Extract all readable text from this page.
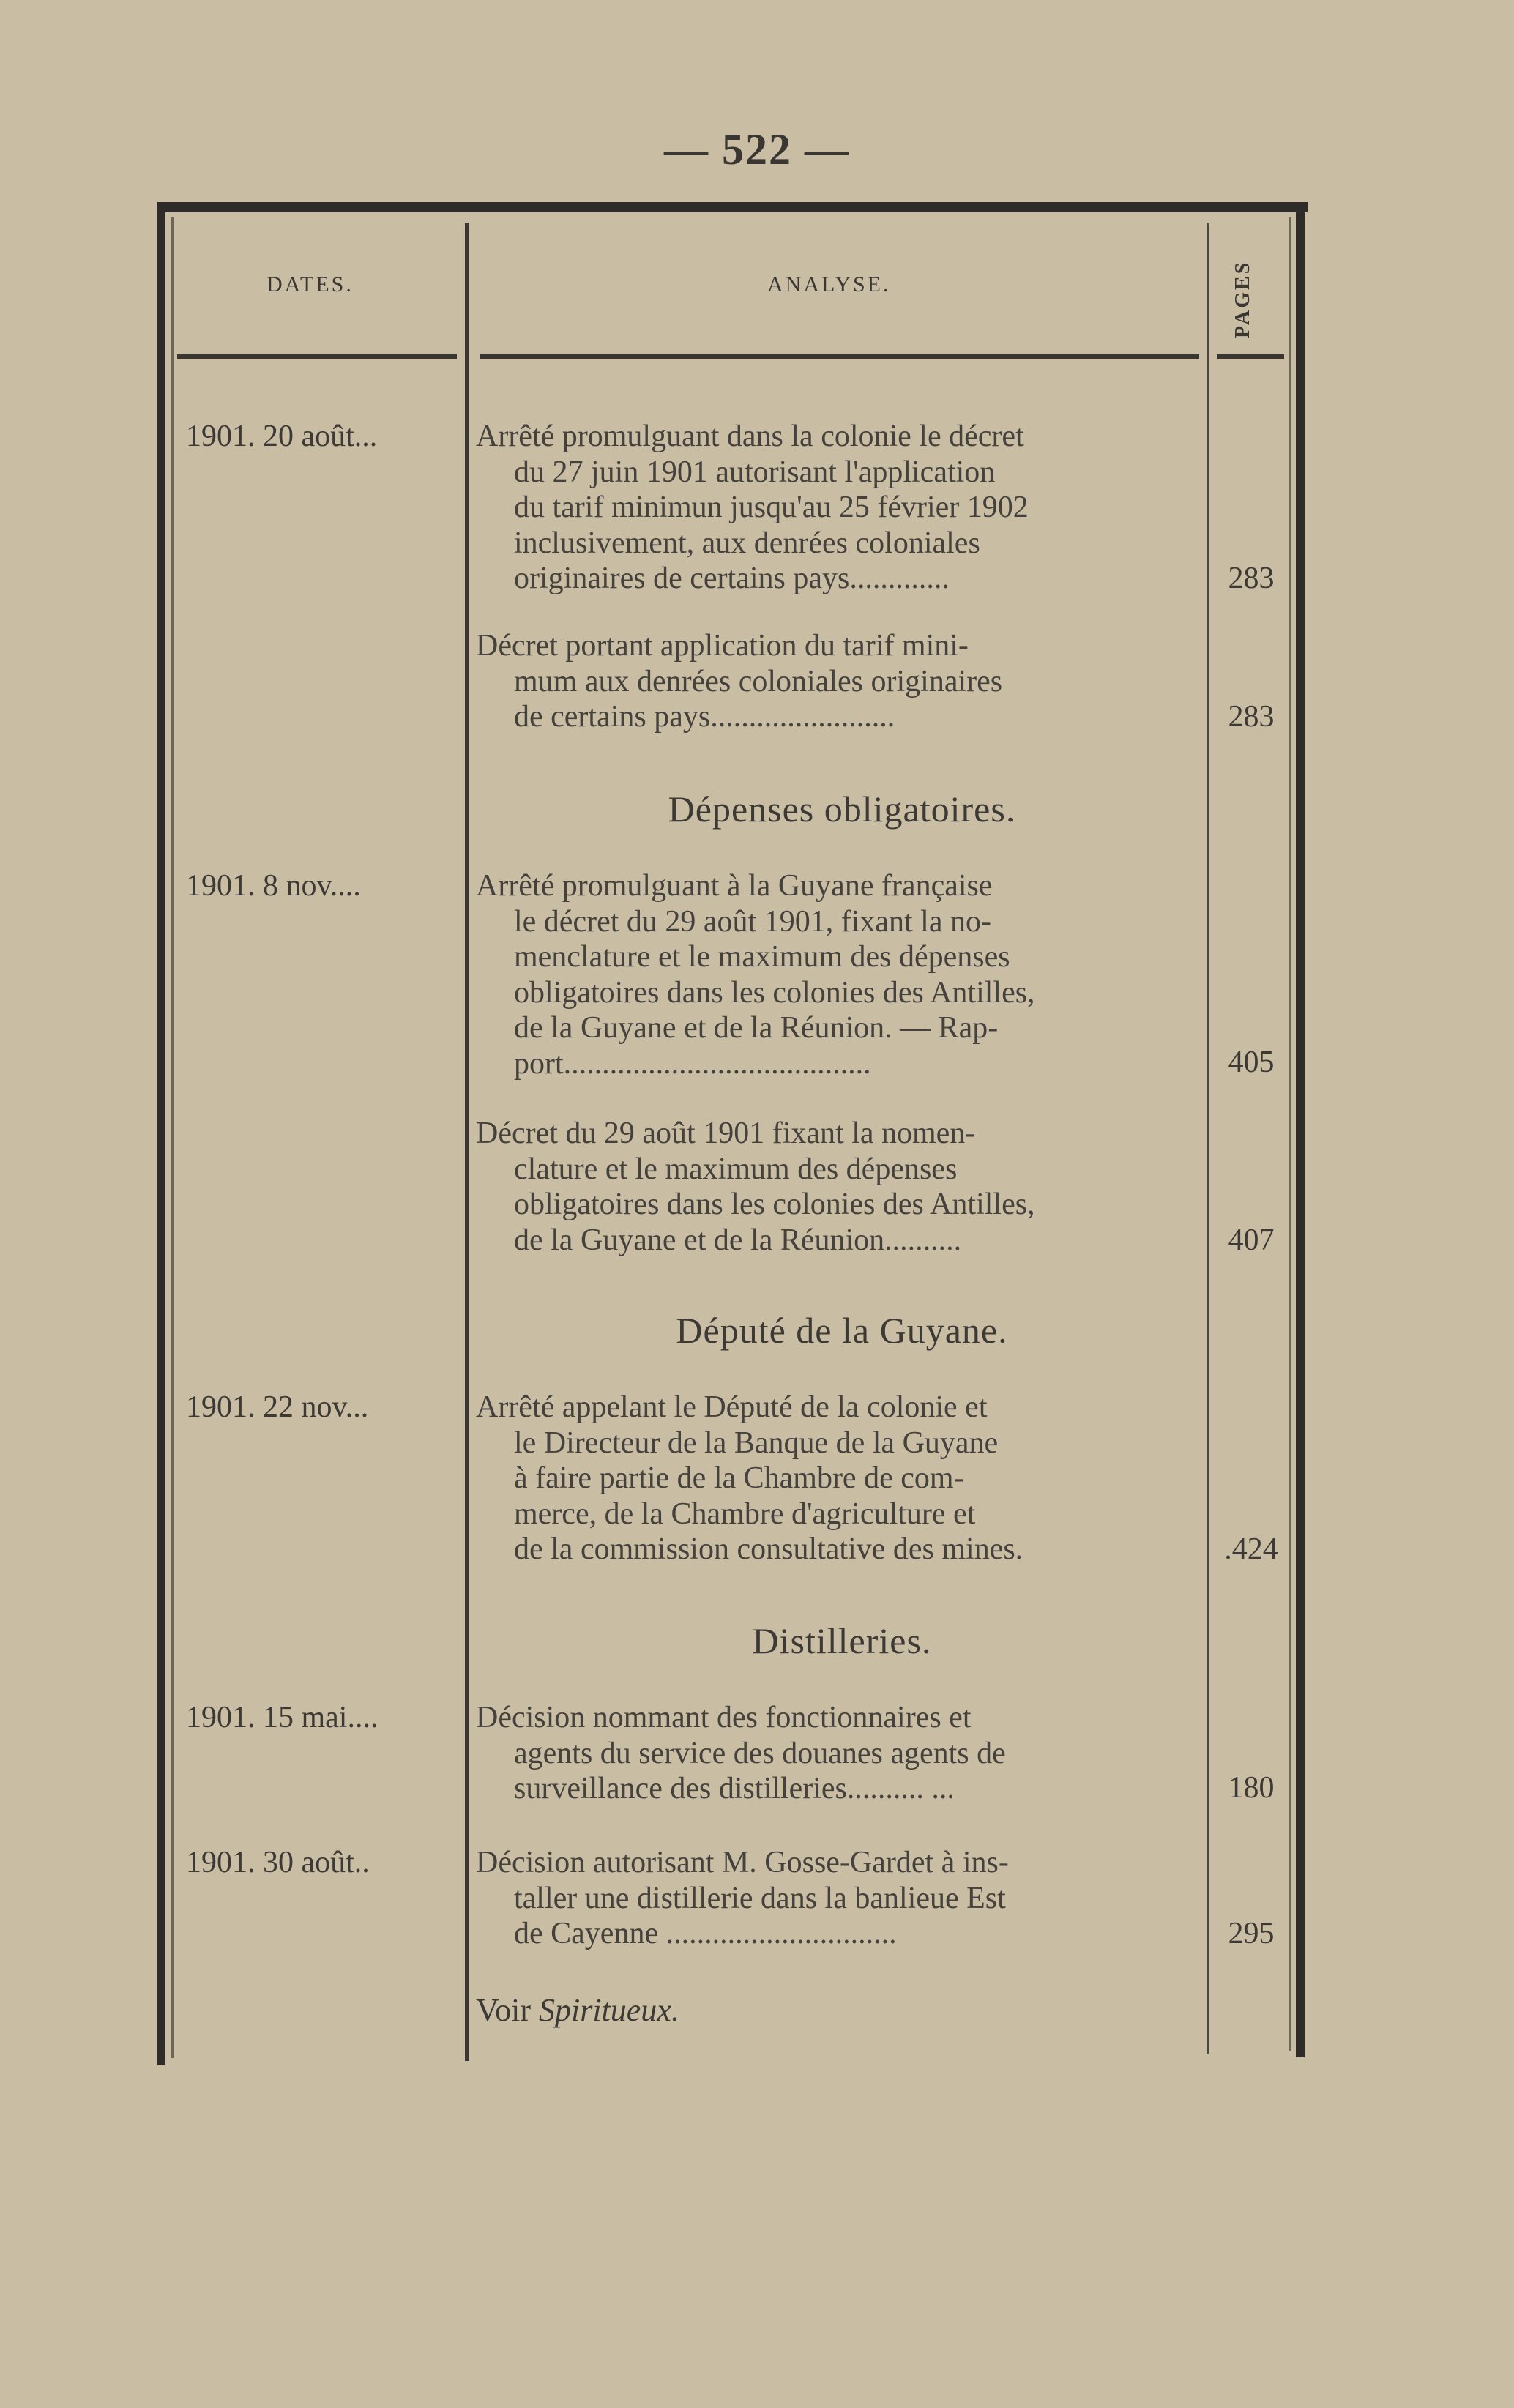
— 522 —
DATES.	ANALYSE.	PAGES
1901. 20 août...	Arrêté promulguant dans la colonie le décret
du 27 juin 1901 autorisant l'application
du tarif minimun jusqu'au 25 février 1902
inclusivement, aux denrées coloniales
originaires de certains pays.............	283
Décret portant application du tarif mini-
mum aux denrées coloniales originaires
de certains pays........................	283
Dépenses obligatoires.
1901. 8 nov....	Arrêté promulguant à la Guyane française
le décret du 29 août 1901, fixant la no-
menclature et le maximum des dépenses
obligatoires dans les colonies des Antilles,
de la Guyane et de la Réunion. — Rap-
port........................................	405
Décret du 29 août 1901 fixant la nomen-
clature et le maximum des dépenses
obligatoires dans les colonies des Antilles,
de la Guyane et de la Réunion..........	407
Député de la Guyane.
1901. 22 nov...	Arrêté appelant le Député de la colonie et
le Directeur de la Banque de la Guyane
à faire partie de la Chambre de com-
merce, de la Chambre d'agriculture et
de la commission consultative des mines.	.424
Distilleries.
1901. 15 mai....	Décision nommant des fonctionnaires et
agents du service des douanes agents de
surveillance des distilleries.......... ...	180
1901. 30 août..	Décision autorisant M. Gosse-Gardet à ins-
taller une distillerie dans la banlieue Est
de Cayenne ..............................	295
Voir Spiritueux.
